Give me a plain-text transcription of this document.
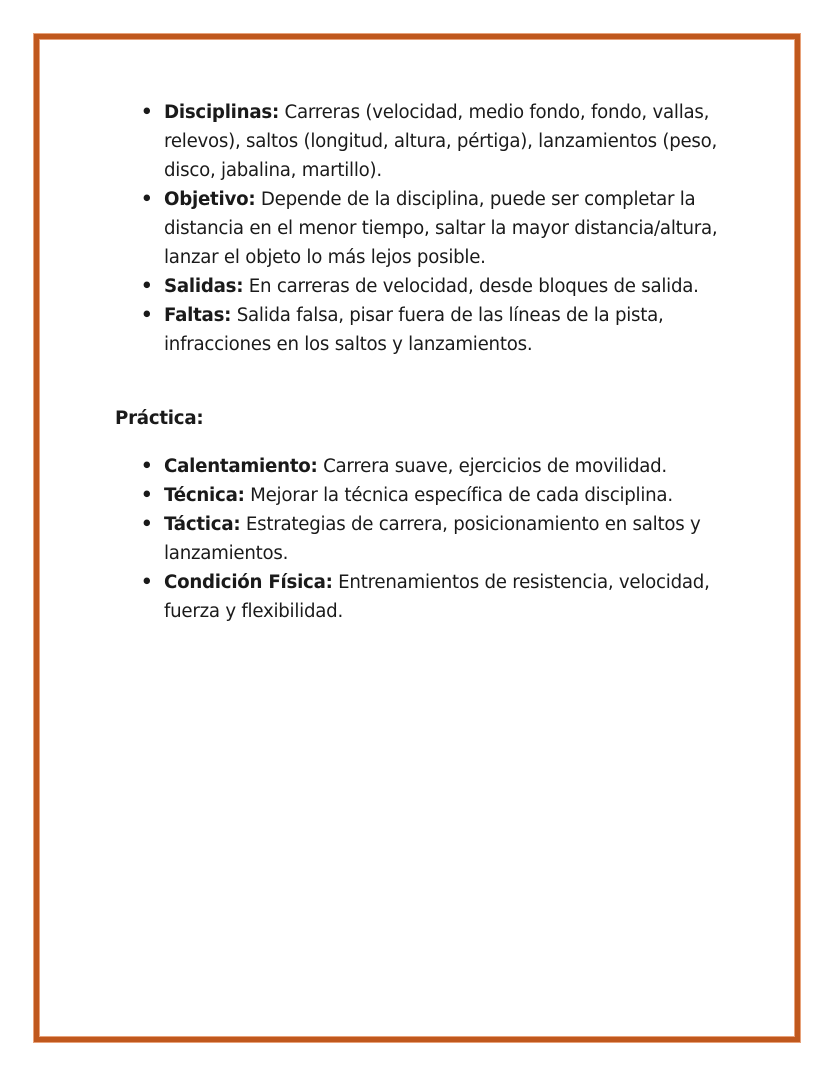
• Disciplinas: Carreras (velocidad, medio fondo, fondo, vallas, relevos), saltos (longitud, altura, pértiga), lanzamientos (peso, disco, jabalina, martillo).
• Objetivo: Depende de la disciplina, puede ser completar la distancia en el menor tiempo, saltar la mayor distancia/altura, lanzar el objeto lo más lejos posible.
• Salidas: En carreras de velocidad, desde bloques de salida.
• Faltas: Salida falsa, pisar fuera de las líneas de la pista, infracciones en los saltos y lanzamientos.
Práctica:
• Calentamiento: Carrera suave, ejercicios de movilidad.
• Técnica: Mejorar la técnica específica de cada disciplina.
• Táctica: Estrategias de carrera, posicionamiento en saltos y lanzamientos.
• Condición Física: Entrenamientos de resistencia, velocidad, fuerza y flexibilidad.
